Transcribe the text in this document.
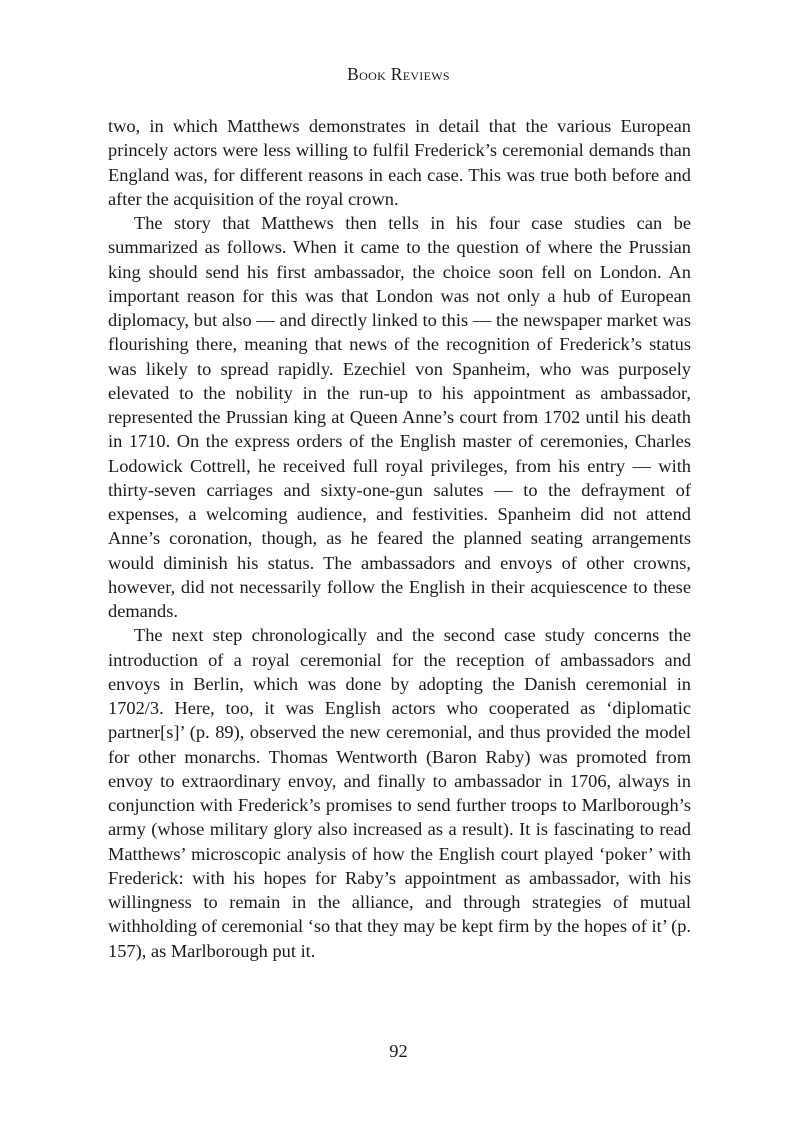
Book Reviews

two, in which Matthews demonstrates in detail that the various European princely actors were less willing to fulfil Frederick’s ceremonial demands than England was, for different reasons in each case. This was true both before and after the acquisition of the royal crown.

The story that Matthews then tells in his four case studies can be summarized as follows. When it came to the question of where the Prussian king should send his first ambassador, the choice soon fell on London. An important reason for this was that London was not only a hub of European diplomacy, but also — and directly linked to this — the newspaper market was flourishing there, meaning that news of the recognition of Frederick’s status was likely to spread rapidly. Ezechiel von Spanheim, who was purposely elevated to the nobility in the run-up to his appointment as ambassador, represented the Prussian king at Queen Anne’s court from 1702 until his death in 1710. On the express orders of the English master of ceremonies, Charles Lodowick Cottrell, he received full royal privileges, from his entry — with thirty-seven carriages and sixty-one-gun salutes — to the defrayment of expenses, a welcoming audience, and festivities. Spanheim did not attend Anne’s coronation, though, as he feared the planned seating arrangements would diminish his status. The ambassadors and envoys of other crowns, however, did not necessarily follow the English in their acquiescence to these demands.

The next step chronologically and the second case study concerns the introduction of a royal ceremonial for the reception of ambassadors and envoys in Berlin, which was done by adopting the Danish ceremonial in 1702/3. Here, too, it was English actors who cooperated as ‘diplomatic partner[s]’ (p. 89), observed the new ceremonial, and thus provided the model for other monarchs. Thomas Wentworth (Baron Raby) was promoted from envoy to extraordinary envoy, and finally to ambassador in 1706, always in conjunction with Frederick’s promises to send further troops to Marlborough’s army (whose military glory also increased as a result). It is fascinating to read Matthews’ microscopic analysis of how the English court played ‘poker’ with Frederick: with his hopes for Raby’s appointment as ambassador, with his willingness to remain in the alliance, and through strategies of mutual withholding of ceremonial ‘so that they may be kept firm by the hopes of it’ (p. 157), as Marlborough put it.

92
